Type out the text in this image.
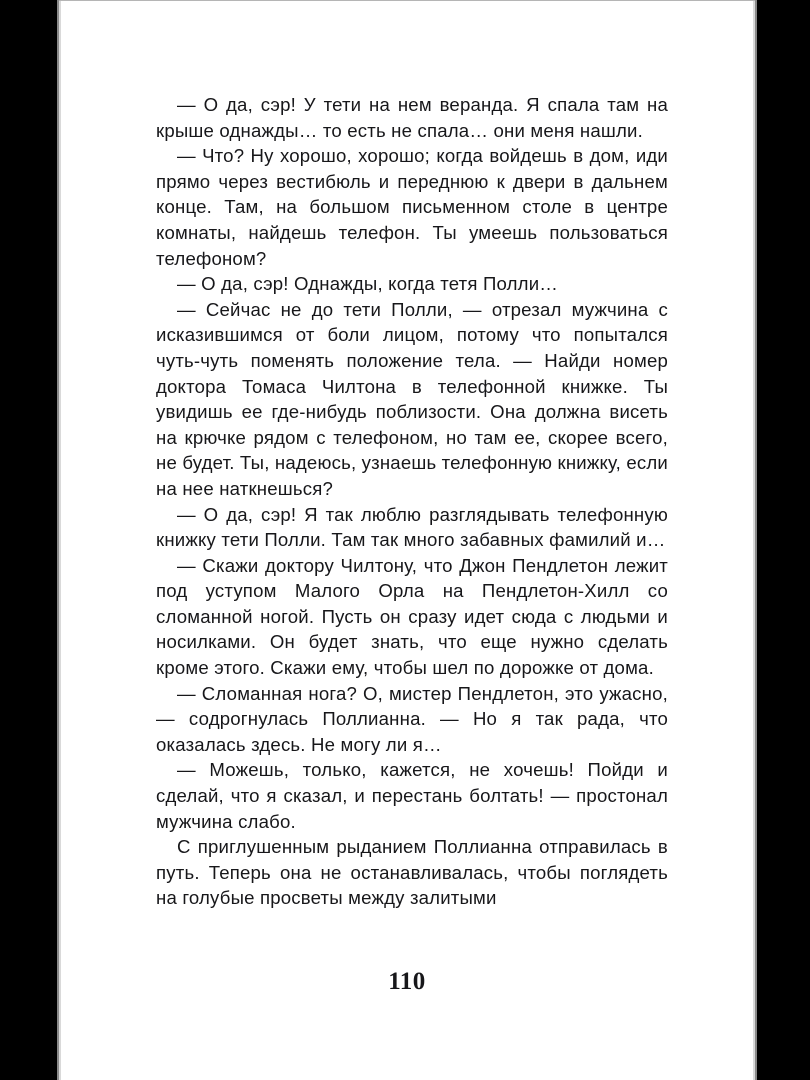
— О да, сэр! У тети на нем веранда. Я спала там на крыше однажды… то есть не спала… они меня нашли.

— Что? Ну хорошо, хорошо; когда войдешь в дом, иди прямо через вестибюль и переднюю к двери в дальнем конце. Там, на большом письменном столе в центре комнаты, найдешь телефон. Ты умеешь пользоваться телефоном?

— О да, сэр! Однажды, когда тетя Полли…

— Сейчас не до тети Полли, — отрезал мужчина с исказившимся от боли лицом, потому что попытался чуть-чуть поменять положение тела. — Найди номер доктора Томаса Чилтона в телефонной книжке. Ты увидишь ее где-нибудь поблизости. Она должна висеть на крючке рядом с телефоном, но там ее, скорее всего, не будет. Ты, надеюсь, узнаешь телефонную книжку, если на нее наткнешься?

— О да, сэр! Я так люблю разглядывать телефонную книжку тети Полли. Там так много забавных фамилий и…

— Скажи доктору Чилтону, что Джон Пендлетон лежит под уступом Малого Орла на Пендлетон-Хилл со сломанной ногой. Пусть он сразу идет сюда с людьми и носилками. Он будет знать, что еще нужно сделать кроме этого. Скажи ему, чтобы шел по дорожке от дома.

— Сломанная нога? О, мистер Пендлетон, это ужасно, — содрогнулась Поллианна. — Но я так рада, что оказалась здесь. Не могу ли я…

— Можешь, только, кажется, не хочешь! Пойди и сделай, что я сказал, и перестань болтать! — простонал мужчина слабо.

С приглушенным рыданием Поллианна отправилась в путь. Теперь она не останавливалась, чтобы поглядеть на голубые просветы между залитыми

110
